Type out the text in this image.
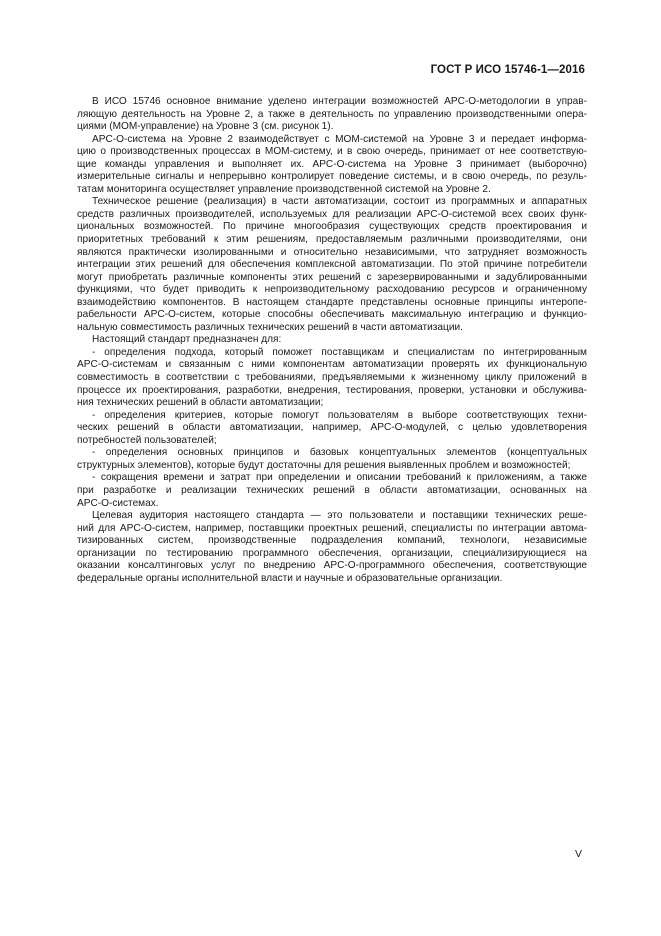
ГОСТ Р ИСО 15746-1—2016
В ИСО 15746 основное внимание уделено интеграции возможностей APC-O-методологии в управ-
ляющую деятельность на Уровне 2, а также в деятельность по управлению производственными опера-
циями (MOM-управление) на Уровне 3 (см. рисунок 1).
APC-O-система на Уровне 2 взаимодействует с MOM-системой на Уровне 3 и передает информа-
цию о производственных процессах в MOM-систему, и в свою очередь, принимает от нее соответствую-
щие команды управления и выполняет их. APC-O-система на Уровне 3 принимает (выборочно)
измерительные сигналы и непрерывно контролирует поведение системы, и в свою очередь, по резуль-
татам мониторинга осуществляет управление производственной системой на Уровне 2.
Техническое решение (реализация) в части автоматизации, состоит из программных и аппаратных
средств различных производителей, используемых для реализации APC-O-системой всех своих функ-
циональных возможностей. По причине многообразия существующих средств проектирования и
приоритетных требований к этим решениям, предоставляемым различными производителями, они
являются практически изолированными и относительно независимыми, что затрудняет возможность
интеграции этих решений для обеспечения комплексной автоматизации. По этой причине потребители
могут приобретать различные компоненты этих решений с зарезервированными и задублированными
функциями, что будет приводить к непроизводительному расходованию ресурсов и ограниченному
взаимодействию компонентов. В настоящем стандарте представлены основные принципы интеропе-
рабельности APC-O-систем, которые способны обеспечивать максимальную интеграцию и функцио-
нальную совместимость различных технических решений в части автоматизации.
Настоящий стандарт предназначен для:
- определения подхода, который поможет поставщикам и специалистам по интегрированным
APC-O-системам и связанным с ними компонентам автоматизации проверять их функциональную
совместимость в соответствии с требованиями, предъявляемыми к жизненному циклу приложений в
процессе их проектирования, разработки, внедрения, тестирования, проверки, установки и обслужива-
ния технических решений в области автоматизации;
- определения критериев, которые помогут пользователям в выборе соответствующих техни-
ческих решений в области автоматизации, например, APC-O-модулей, с целью удовлетворения
потребностей пользователей;
- определения основных принципов и базовых концептуальных элементов (концептуальных
структурных элементов), которые будут достаточны для решения выявленных проблем и возможностей;
- сокращения времени и затрат при определении и описании требований к приложениям, а также
при разработке и реализации технических решений в области автоматизации, основанных на
APC-O-системах.
Целевая аудитория настоящего стандарта — это пользователи и поставщики технических реше-
ний для APC-O-систем, например, поставщики проектных решений, специалисты по интеграции автома-
тизированных систем, производственные подразделения компаний, технологи, независимые
организации по тестированию программного обеспечения, организации, специализирующиеся на
оказании консалтинговых услуг по внедрению APC-O-программного обеспечения, соответствующие
федеральные органы исполнительной власти и научные и образовательные организации.
V
